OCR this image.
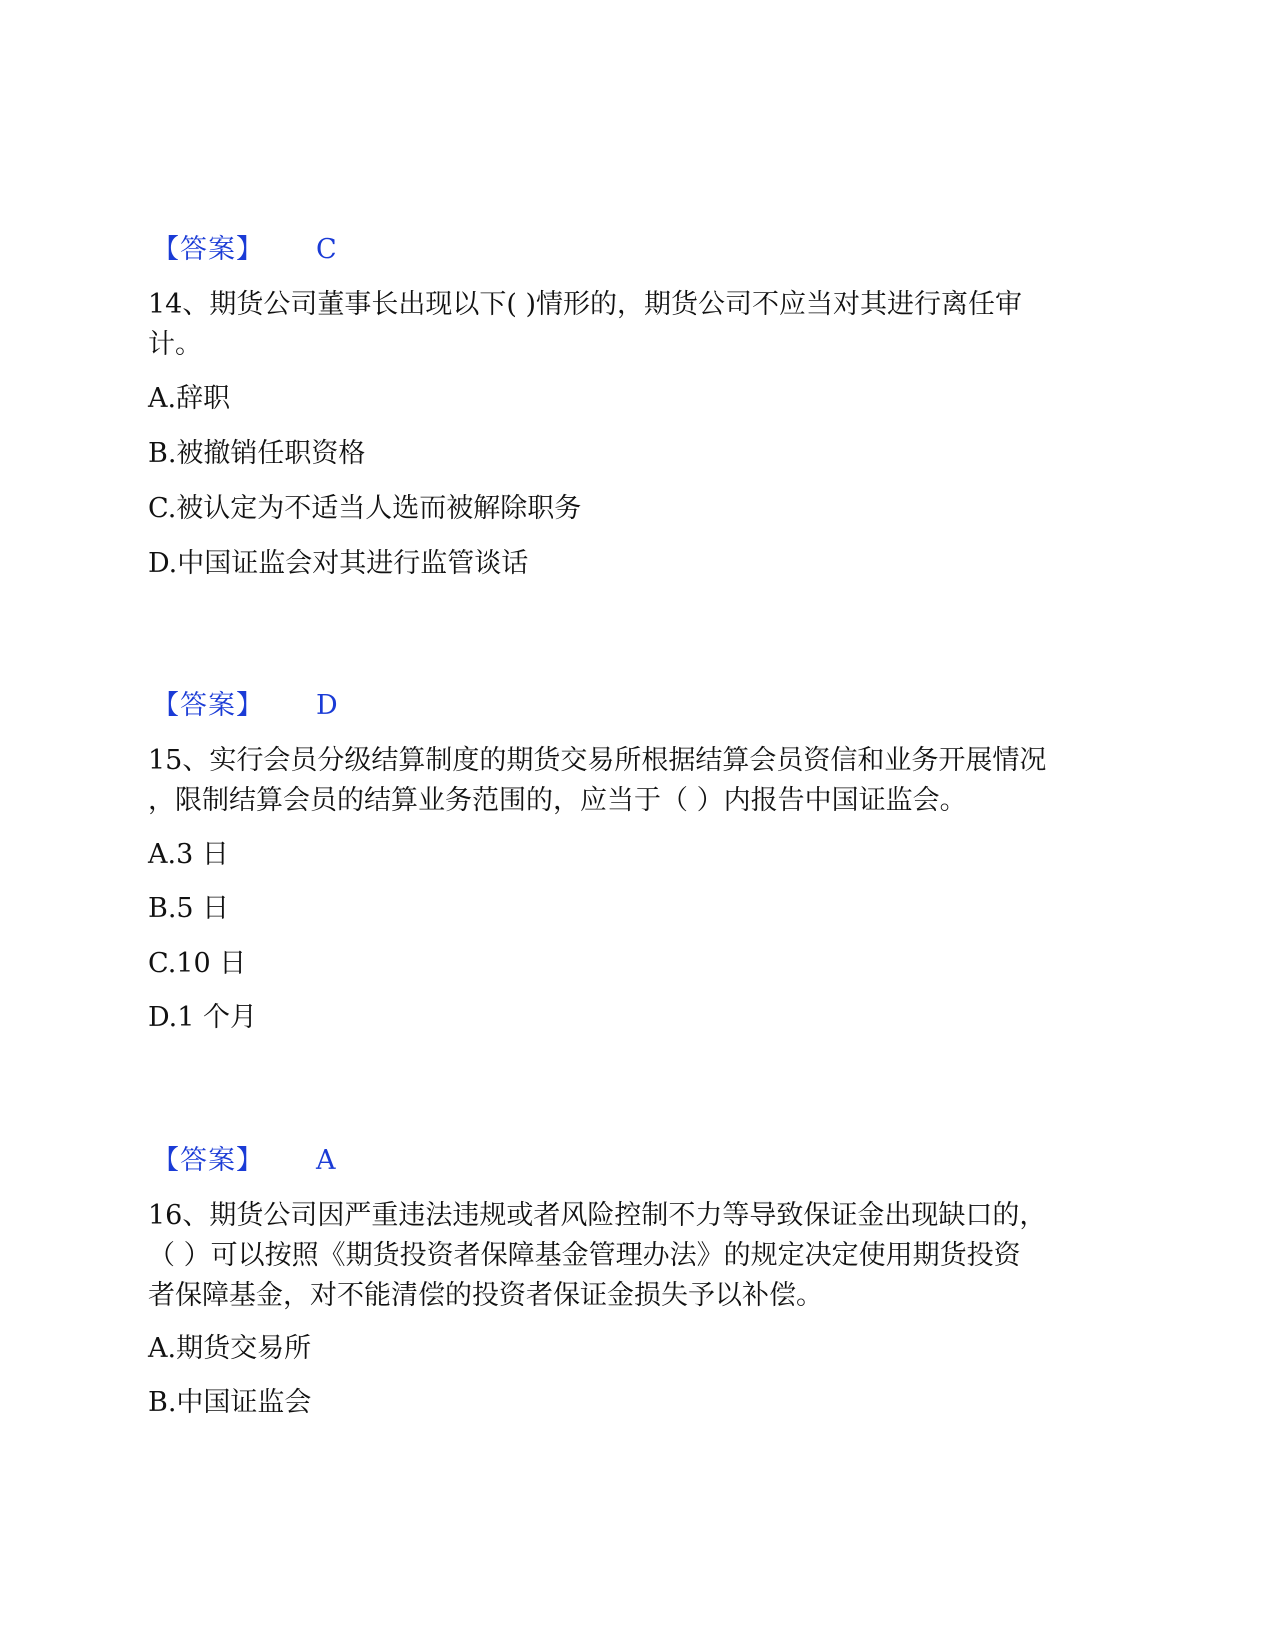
【答案】 C
14、期货公司董事长出现以下( )情形的，期货公司不应当对其进行离任审
计。
A.辞职
B.被撤销任职资格
C.被认定为不适当人选而被解除职务
D.中国证监会对其进行监管谈话
【答案】 D
15、实行会员分级结算制度的期货交易所根据结算会员资信和业务开展情况
，限制结算会员的结算业务范围的，应当于（ ）内报告中国证监会。
A.3 日
B.5 日
C.10 日
D.1 个月
【答案】 A
16、期货公司因严重违法违规或者风险控制不力等导致保证金出现缺口的，
（ ）可以按照《期货投资者保障基金管理办法》的规定决定使用期货投资
者保障基金，对不能清偿的投资者保证金损失予以补偿。
A.期货交易所
B.中国证监会
